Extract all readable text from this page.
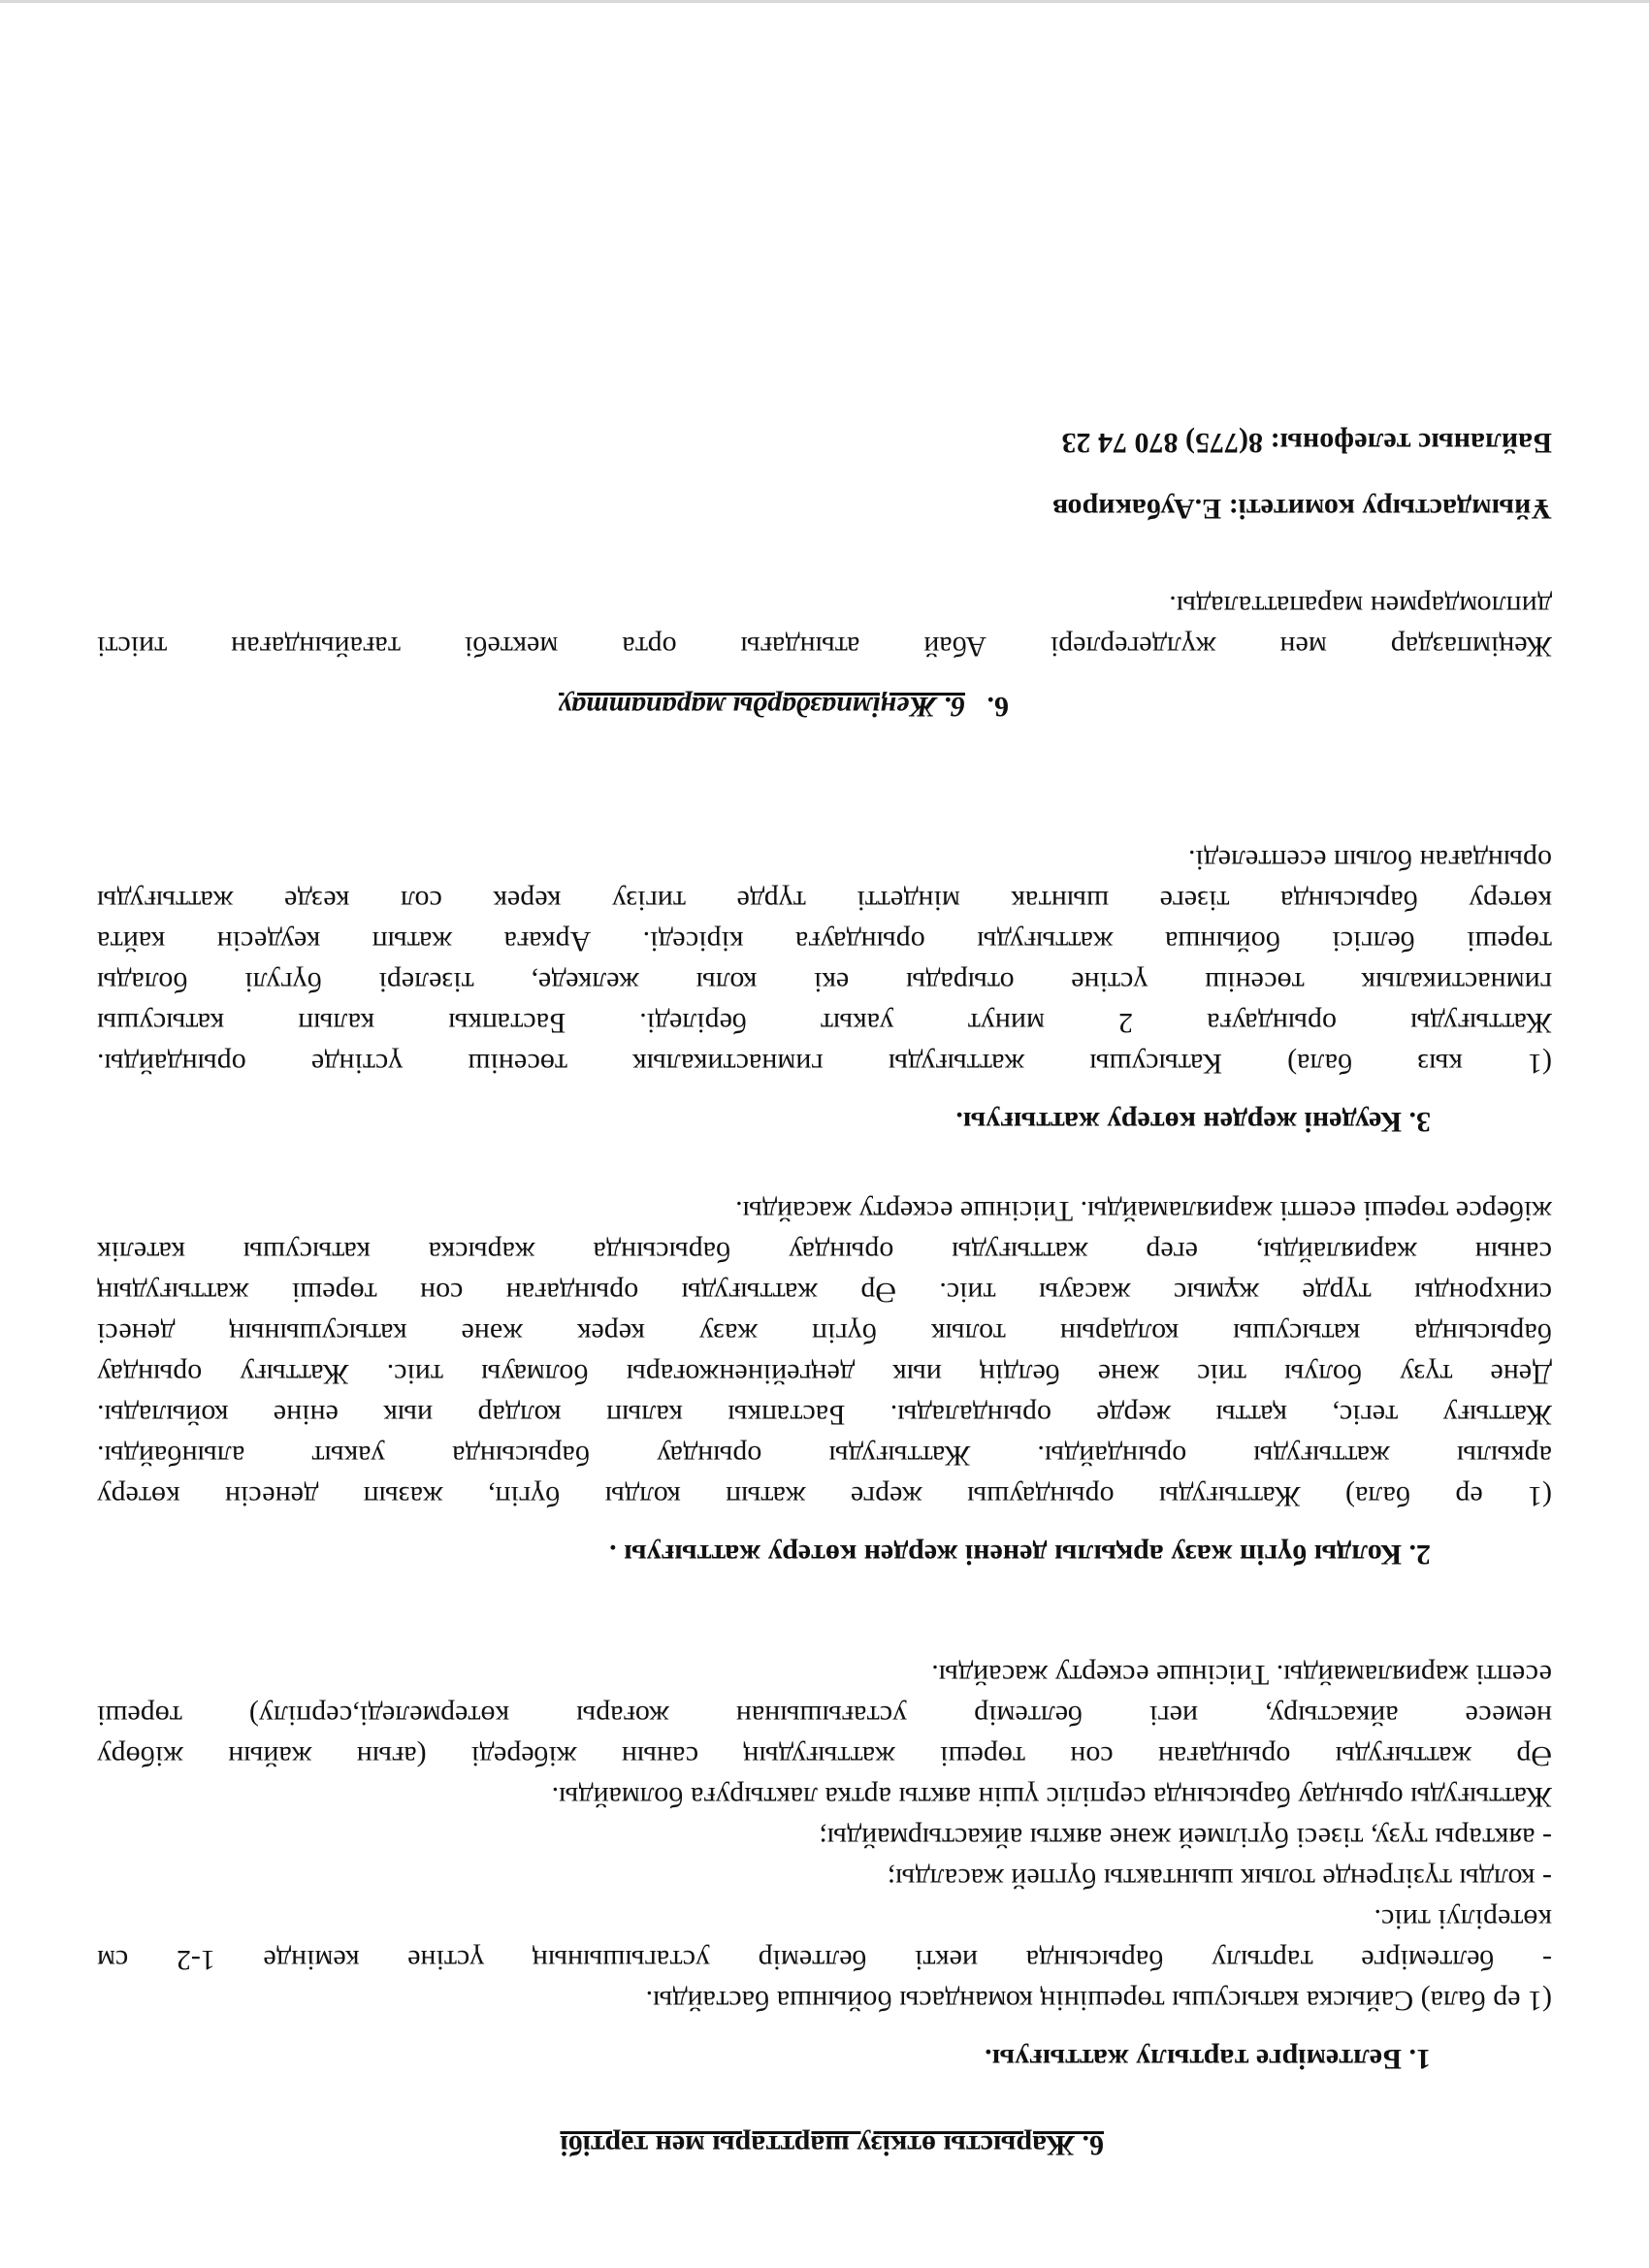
6. Жарысты өткізу шарттары мен тәртібі
1. Белтемірге тартылу жаттығуы.
(1 ер бала) Сайыска катысушы төрешінің командасы бойынша бастайды.
- белтемірге тартылу барысында иекті белтемір устагышының үстіне кемінде 1-2 см
көтерілуі тиіс.
- колды түзігренде толык шынтакты бүгпей жасалды;
- аяктары түзу, тізесі бүгілмей және аякты айкастырмайды;
Жаттығуды орындау барысында серпіліс үшін аякты артка лактыруға болмайды.
Әр жаттығуды орындаған сон төреші жаттығудың санын жібереді (ағын жайын жібөру
немесе айкастыру, иегі белтемір устағышынан жоғары көтермеледі,серпілу) төреші
есепті жарияламайды. Тиісінше ескерту жасайды.
2. Колды бүгіп жазу арқылы денені жерден көтеру жаттығуы .
(1 ер бала) Жаттығуды орындаушы жерге жатып колды бүгіп, жазып денесін көтеру
аркылы жаттығуды орындайды. Жаттығуды орындау барысында уакыт алынбайды.
Жаттығу тегіс, қатты жерде орындалады. Бастапкы калып колдар иык еніне койылады.
Дене түзу болуы тиіс және белдің иык деңгейіненжоғары болмауы тиіс. Жаттығу орындау
барысында катысушы колдарын толык бүгіп жазу керек және катысушының денесі
синхронды түрде жұмыс жасауы тиіс. Әр жаттығуды орындаған сон төреші жаттығудың
санын жариялайды, егер жаттығуды орындау барысында жарыска катысушы кателік
жіберсе төреші есепті жарияламайды. Тиісінше ескерту жасайды.
3. Кеудені жерден көтеру жаттығуы.
(1 кыз бала) Катысушы жаттығуды гимнастикалык төсеніш үстінде орындайды.
Жаттығуды орындауға 2 минут уакыт беріледі. Бастапкы калып катысушы
гимнастикалык төсеніш үстіне отырады екі колы желкеде, тізелері бүгулі болады
төреші белгісі бойынша жаттығуды орындауға кіріседі. Аркаға жатып кеудесін кайта
көтеру барысында тізеге шынтак міндетті түрде тигізу керек сол кезде жаттығуды
орындаған болып есептеледі.
6.   6. Жеңімпаздарды марапаттау
Жеңімпаздар мен жүлдегерлері Абай атындағы орта мектебі тағайындаған тиісті
дипломдармен марапатталады.
Ұйымдастыру комитеті: Е.Аубакиров
Байланыс телефоны: 8(775) 870 74 23
